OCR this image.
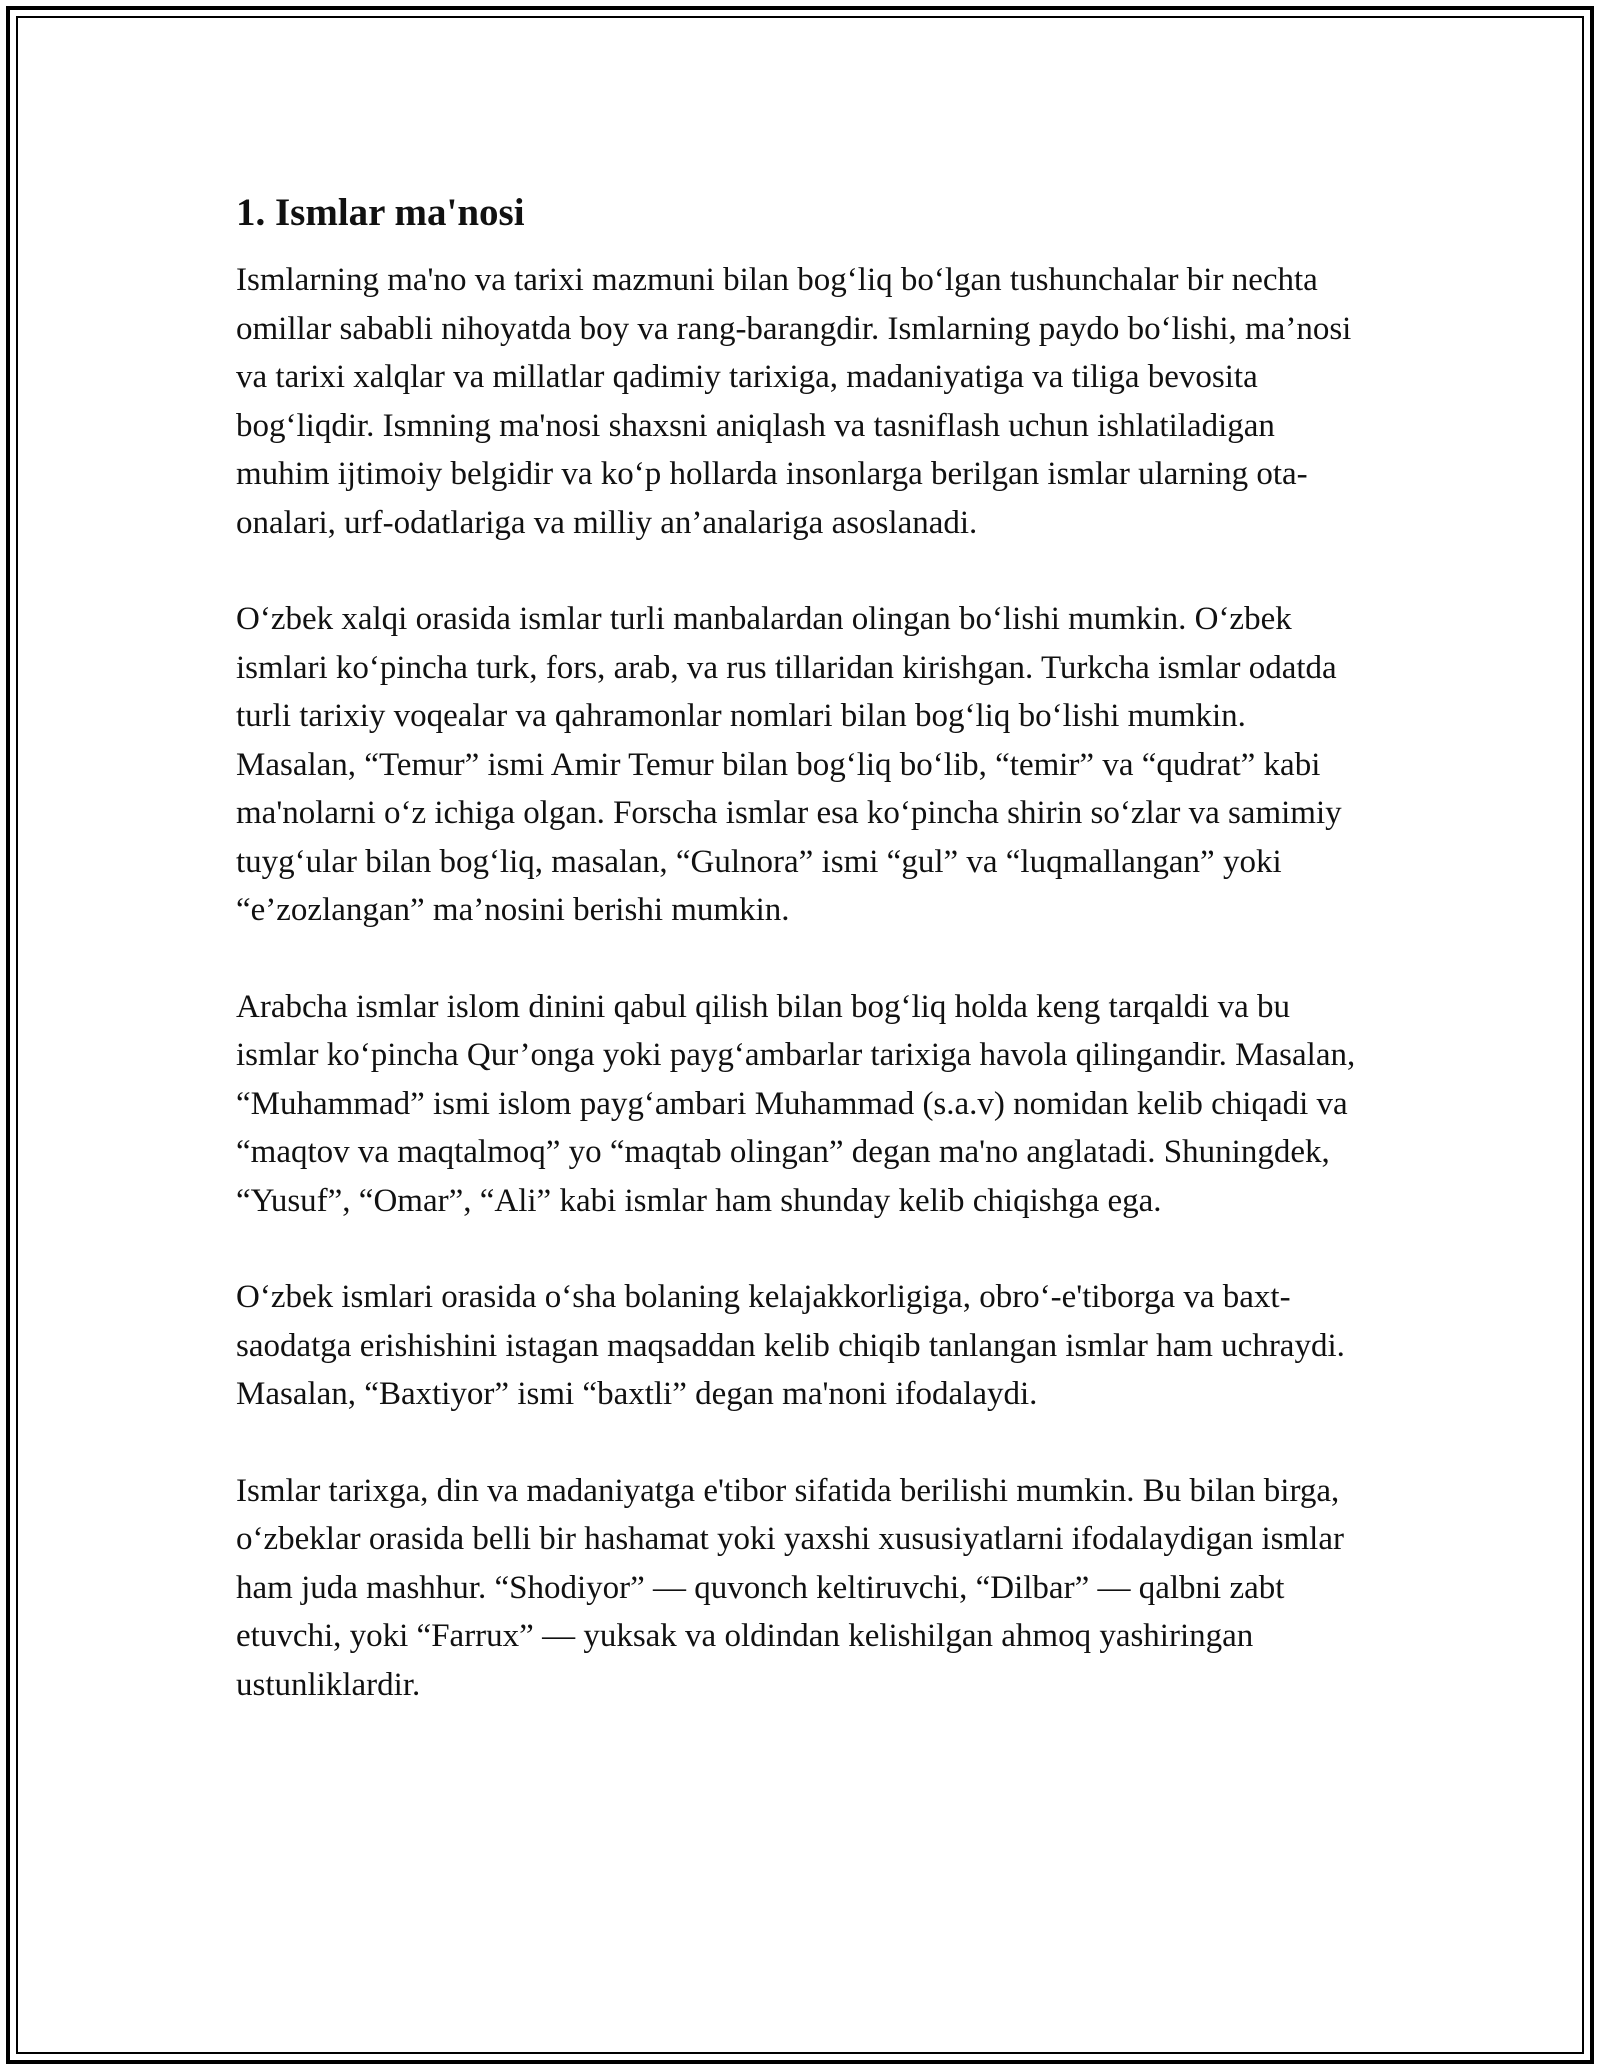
1. Ismlar ma'nosi

Ismlarning ma'no va tarixi mazmuni bilan bog‘liq bo‘lgan tushunchalar bir nechta omillar sababli nihoyatda boy va rang-barangdir. Ismlarning paydo bo‘lishi, ma’nosi va tarixi xalqlar va millatlar qadimiy tarixiga, madaniyatiga va tiliga bevosita bog‘liqdir. Ismning ma'nosi shaxsni aniqlash va tasniflash uchun ishlatiladigan muhim ijtimoiy belgidir va ko‘p hollarda insonlarga berilgan ismlar ularning ota-onalari, urf-odatlariga va milliy an’analariga asoslanadi.

O‘zbek xalqi orasida ismlar turli manbalardan olingan bo‘lishi mumkin. O‘zbek ismlari ko‘pincha turk, fors, arab, va rus tillaridan kirishgan. Turkcha ismlar odatda turli tarixiy voqealar va qahramonlar nomlari bilan bog‘liq bo‘lishi mumkin. Masalan, “Temur” ismi Amir Temur bilan bog‘liq bo‘lib, “temir” va “qudrat” kabi ma'nolarni o‘z ichiga olgan. Forscha ismlar esa ko‘pincha shirin so‘zlar va samimiy tuyg‘ular bilan bog‘liq, masalan, “Gulnora” ismi “gul” va “luqmallangan” yoki “e’zozlangan” ma’nosini berishi mumkin.

Arabcha ismlar islom dinini qabul qilish bilan bog‘liq holda keng tarqaldi va bu ismlar ko‘pincha Qur’onga yoki payg‘ambarlar tarixiga havola qilingandir. Masalan, “Muhammad” ismi islom payg‘ambari Muhammad (s.a.v) nomidan kelib chiqadi va “maqtov va maqtalmoq” yo “maqtab olingan” degan ma'no anglatadi. Shuningdek, “Yusuf”, “Omar”, “Ali” kabi ismlar ham shunday kelib chiqishga ega.

O‘zbek ismlari orasida o‘sha bolaning kelajakkorligiga, obro‘-e'tiborga va baxt-saodatga erishishini istagan maqsaddan kelib chiqib tanlangan ismlar ham uchraydi. Masalan, “Baxtiyor” ismi “baxtli” degan ma'noni ifodalaydi.

Ismlar tarixga, din va madaniyatga e'tibor sifatida berilishi mumkin. Bu bilan birga, o‘zbeklar orasida belli bir hashamat yoki yaxshi xususiyatlarni ifodalaydigan ismlar ham juda mashhur. “Shodiyor” — quvonch keltiruvchi, “Dilbar” — qalbni zabt etuvchi, yoki “Farrux” — yuksak va oldindan kelishilgan ahmoq yashiringan ustunliklardir.
